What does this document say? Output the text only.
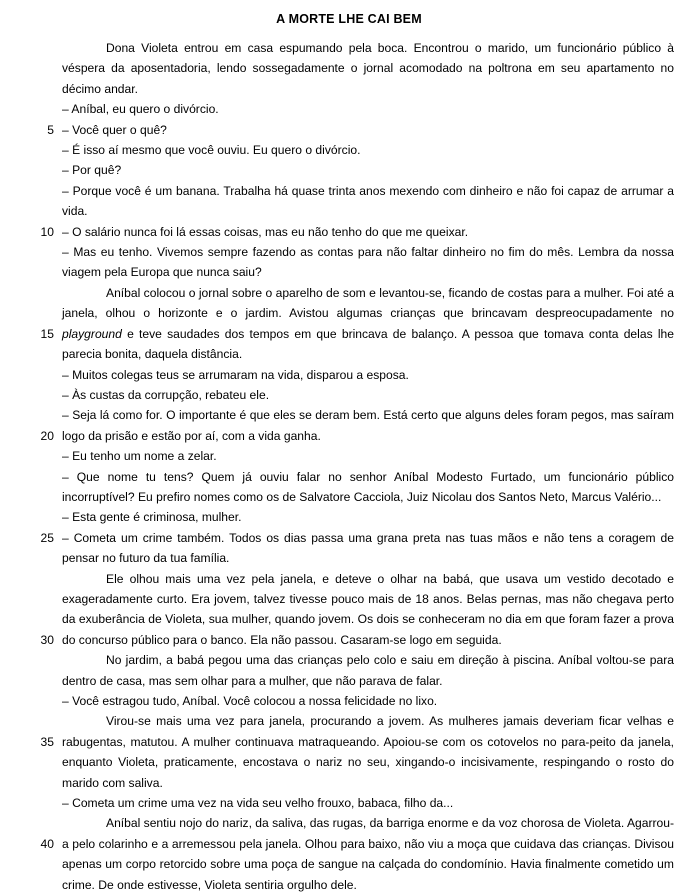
A MORTE LHE CAI BEM
5
10
15
20
25
30
35
40

Dona Violeta entrou em casa espumando pela boca. Encontrou o marido, um funcionário público à véspera da aposentadoria, lendo sossegadamente o jornal acomodado na poltrona em seu apartamento no décimo andar.

– Aníbal, eu quero o divórcio.

– Você quer o quê?

– É isso aí mesmo que você ouviu. Eu quero o divórcio.

– Por quê?

– Porque você é um banana. Trabalha há quase trinta anos mexendo com dinheiro e não foi capaz de arrumar a vida.

– O salário nunca foi lá essas coisas, mas eu não tenho do que me queixar.

– Mas eu tenho. Vivemos sempre fazendo as contas para não faltar dinheiro no fim do mês. Lembra da nossa viagem pela Europa que nunca saiu?

Aníbal colocou o jornal sobre o aparelho de som e levantou-se, ficando de costas para a mulher. Foi até a janela, olhou o horizonte e o jardim. Avistou algumas crianças que brincavam despreocupadamente no playground e teve saudades dos tempos em que brincava de balanço. A pessoa que tomava conta delas lhe parecia bonita, daquela distância.

– Muitos colegas teus se arrumaram na vida, disparou a esposa.

– Às custas da corrupção, rebateu ele.

– Seja lá como for. O importante é que eles se deram bem. Está certo que alguns deles foram pegos, mas saíram logo da prisão e estão por aí, com a vida ganha.

– Eu tenho um nome a zelar.

– Que nome tu tens? Quem já ouviu falar no senhor Aníbal Modesto Furtado, um funcionário público incorruptível? Eu prefiro nomes como os de Salvatore Cacciola, Juiz Nicolau dos Santos Neto, Marcus Valério...

– Esta gente é criminosa, mulher.

– Cometa um crime também. Todos os dias passa uma grana preta nas tuas mãos e não tens a coragem de pensar no futuro da tua família.

Ele olhou mais uma vez pela janela, e deteve o olhar na babá, que usava um vestido decotado e exageradamente curto. Era jovem, talvez tivesse pouco mais de 18 anos. Belas pernas, mas não chegava perto da exuberância de Violeta, sua mulher, quando jovem. Os dois se conheceram no dia em que foram fazer a prova do concurso público para o banco. Ela não passou. Casaram-se logo em seguida.

No jardim, a babá pegou uma das crianças pelo colo e saiu em direção à piscina. Aníbal voltou-se para dentro de casa, mas sem olhar para a mulher, que não parava de falar.

– Você estragou tudo, Aníbal. Você colocou a nossa felicidade no lixo.

Virou-se mais uma vez para janela, procurando a jovem. As mulheres jamais deveriam ficar velhas e rabugentas, matutou. A mulher continuava matraqueando. Apoiou-se com os cotovelos no para-peito da janela, enquanto Violeta, praticamente, encostava o nariz no seu, xingando-o incisivamente, respingando o rosto do marido com saliva.

– Cometa um crime uma vez na vida seu velho frouxo, babaca, filho da...

Aníbal sentiu nojo do nariz, da saliva, das rugas, da barriga enorme e da voz chorosa de Violeta. Agarrou-a pelo colarinho e a arremessou pela janela. Olhou para baixo, não viu a moça que cuidava das crianças. Divisou apenas um corpo retorcido sobre uma poça de sangue na calçada do condomínio. Havia finalmente cometido um crime. De onde estivesse, Violeta sentiria orgulho dele.
